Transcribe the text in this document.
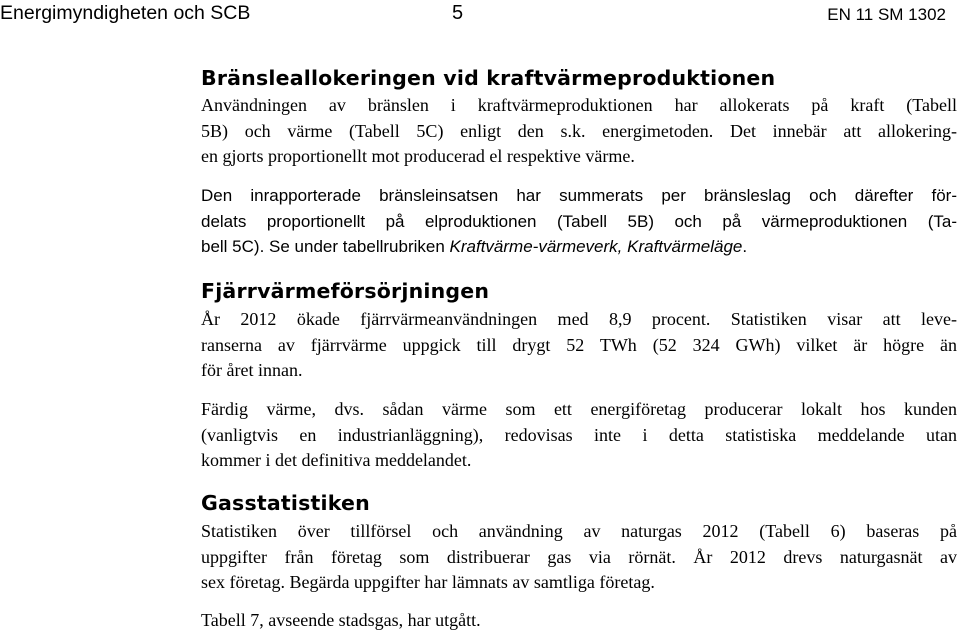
Energimyndigheten och SCB	5	EN 11 SM 1302
Bränsleallokeringen vid kraftvärmeproduktionen
Användningen av bränslen i kraftvärmeproduktionen har allokerats på kraft (Tabell
5B) och värme (Tabell 5C) enligt den s.k. energimetoden. Det innebär att allokering-
en gjorts proportionellt mot producerad el respektive värme.
Den inrapporterade bränsleinsatsen har summerats per bränsleslag och därefter för-
delats proportionellt på elproduktionen (Tabell 5B) och på värmeproduktionen (Ta-
bell 5C). Se under tabellrubriken Kraftvärme-värmeverk, Kraftvärmeläge.
Fjärrvärmeförsörjningen
År 2012 ökade fjärrvärmeanvändningen med 8,9 procent. Statistiken visar att leve-
ranserna av fjärrvärme uppgick till drygt 52 TWh (52 324 GWh) vilket är högre än
för året innan.
Färdig värme, dvs. sådan värme som ett energiföretag producerar lokalt hos kunden
(vanligtvis en industrianläggning), redovisas inte i detta statistiska meddelande utan
kommer i det definitiva meddelandet.
Gasstatistiken
Statistiken över tillförsel och användning av naturgas 2012 (Tabell 6) baseras på
uppgifter från företag som distribuerar gas via rörnät. År 2012 drevs naturgasnät av
sex företag. Begärda uppgifter har lämnats av samtliga företag.
Tabell 7, avseende stadsgas, har utgått.
